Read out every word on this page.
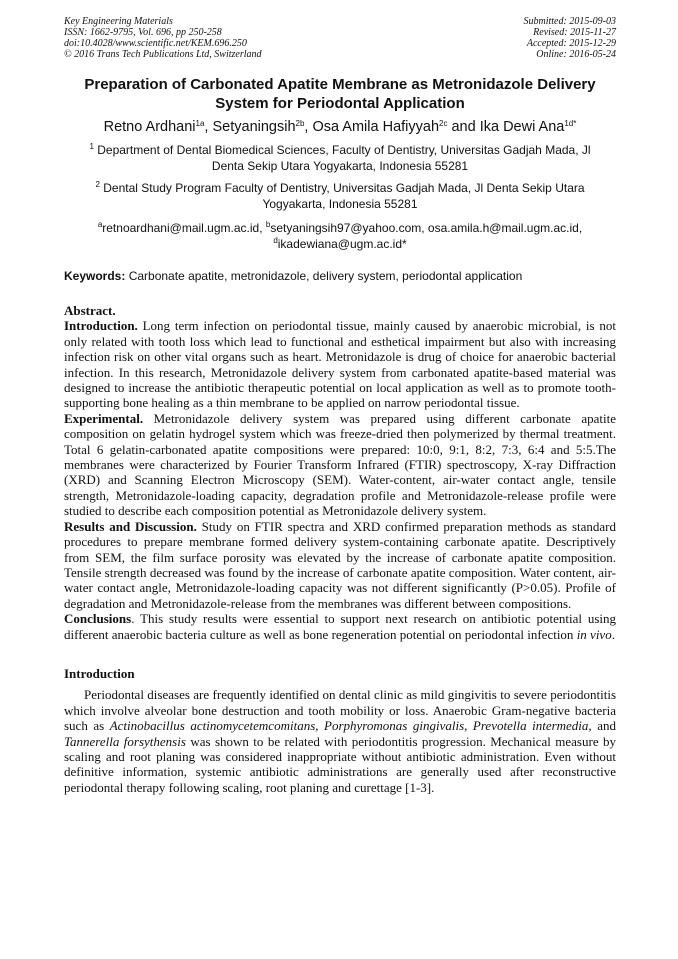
Key Engineering Materials
ISSN: 1662-9795, Vol. 696, pp 250-258
doi:10.4028/www.scientific.net/KEM.696.250
© 2016 Trans Tech Publications Ltd, Switzerland
Submitted: 2015-09-03
Revised: 2015-11-27
Accepted: 2015-12-29
Online: 2016-05-24
Preparation of Carbonated Apatite Membrane as Metronidazole Delivery
System for Periodontal Application
Retno Ardhani$^{1a}$, Setyaningsih$^{2b}$, Osa Amila Hafiyyah$^{2c}$ and Ika Dewi Ana$^{1d*}$
$^1$ Department of Dental Biomedical Sciences, Faculty of Dentistry, Universitas Gadjah Mada, Jl
Denta Sekip Utara Yogyakarta, Indonesia 55281
$^2$ Dental Study Program Faculty of Dentistry, Universitas Gadjah Mada, Jl Denta Sekip Utara
Yogyakarta, Indonesia 55281
$^a$retnoardhani@mail.ugm.ac.id, $^b$setyaningsih97@yahoo.com, osa.amila.h@mail.ugm.ac.id,
$^d$ikadewiana@ugm.ac.id*
Keywords: Carbonate apatite, metronidazole, delivery system, periodontal application
Abstract.

Introduction. Long term infection on periodontal tissue, mainly caused by anaerobic microbial, is not only related with tooth loss which lead to functional and esthetical impairment but also with increasing infection risk on other vital organs such as heart. Metronidazole is drug of choice for anaerobic bacterial infection. In this research, Metronidazole delivery system from carbonated apatite-based material was designed to increase the antibiotic therapeutic potential on local application as well as to promote tooth-supporting bone healing as a thin membrane to be applied on narrow periodontal tissue.

Experimental. Metronidazole delivery system was prepared using different carbonate apatite composition on gelatin hydrogel system which was freeze-dried then polymerized by thermal treatment. Total 6 gelatin-carbonated apatite compositions were prepared: 10:0, 9:1, 8:2, 7:3, 6:4 and 5:5.The membranes were characterized by Fourier Transform Infrared (FTIR) spectroscopy, X-ray Diffraction (XRD) and Scanning Electron Microscopy (SEM). Water-content, air-water contact angle, tensile strength, Metronidazole-loading capacity, degradation profile and Metronidazole-release profile were studied to describe each composition potential as Metronidazole delivery system.

Results and Discussion. Study on FTIR spectra and XRD confirmed preparation methods as standard procedures to prepare membrane formed delivery system-containing carbonate apatite. Descriptively from SEM, the film surface porosity was elevated by the increase of carbonate apatite composition. Tensile strength decreased was found by the increase of carbonate apatite composition. Water content, air-water contact angle, Metronidazole-loading capacity was not different significantly (P>0.05). Profile of degradation and Metronidazole-release from the membranes was different between compositions.

Conclusions. This study results were essential to support next research on antibiotic potential using different anaerobic bacteria culture as well as bone regeneration potential on periodontal infection in vivo.

Introduction

Periodontal diseases are frequently identified on dental clinic as mild gingivitis to severe periodontitis which involve alveolar bone destruction and tooth mobility or loss. Anaerobic Gram-negative bacteria such as Actinobacillus actinomycetemcomitans, Porphyromonas gingivalis, Prevotella intermedia, and Tannerella forsythensis was shown to be related with periodontitis progression. Mechanical measure by scaling and root planing was considered inappropriate without antibiotic administration. Even without definitive information, systemic antibiotic administrations are generally used after reconstructive periodontal therapy following scaling, root planing and curettage [1-3].
